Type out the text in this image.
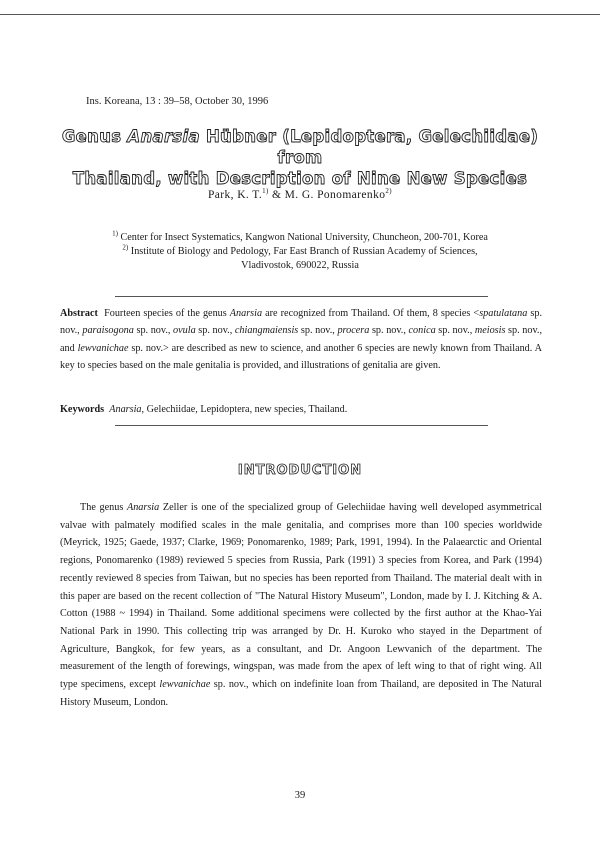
Ins. Koreana, 13 : 39–58, October 30, 1996
Genus Anarsia Hübner (Lepidoptera, Gelechiidae) from
Thailand, with Description of Nine New Species
Park, K. T.$^{1)}$ & M. G. Ponomarenko$^{2)}$
$^{1)}$ Center for Insect Systematics, Kangwon National University, Chuncheon, 200-701, Korea
$^{2)}$ Institute of Biology and Pedology, Far East Branch of Russian Academy of Sciences,
Vladivostok, 690022, Russia
Abstract Fourteen species of the genus Anarsia are recognized from Thailand. Of them, 8 species <spatulatana sp. nov., paraisogona sp. nov., ovula sp. nov., chiangmaiensis sp. nov., procera sp. nov., conica sp. nov., meiosis sp. nov., and lewvanichae sp. nov.> are described as new to science, and another 6 species are newly known from Thailand. A key to species based on the male genitalia is provided, and illustrations of genitalia are given.
Keywords Anarsia, Gelechiidae, Lepidoptera, new species, Thailand.
INTRODUCTION
The genus Anarsia Zeller is one of the specialized group of Gelechiidae having well developed asymmetrical valvae with palmately modified scales in the male genitalia, and comprises more than 100 species worldwide (Meyrick, 1925; Gaede, 1937; Clarke, 1969; Ponomarenko, 1989; Park, 1991, 1994). In the Palaearctic and Oriental regions, Ponomarenko (1989) reviewed 5 species from Russia, Park (1991) 3 species from Korea, and Park (1994) recently reviewed 8 species from Taiwan, but no species has been reported from Thailand. The material dealt with in this paper are based on the recent collection of "The Natural History Museum", London, made by I. J. Kitching & A. Cotton (1988 ~ 1994) in Thailand. Some additional specimens were collected by the first author at the Khao-Yai National Park in 1990. This collecting trip was arranged by Dr. H. Kuroko who stayed in the Department of Agriculture, Bangkok, for few years, as a consultant, and Dr. Angoon Lewvanich of the department. The measurement of the length of forewings, wingspan, was made from the apex of left wing to that of right wing. All type specimens, except lewvanichae sp. nov., which on indefinite loan from Thailand, are deposited in The Natural History Museum, London.
39
